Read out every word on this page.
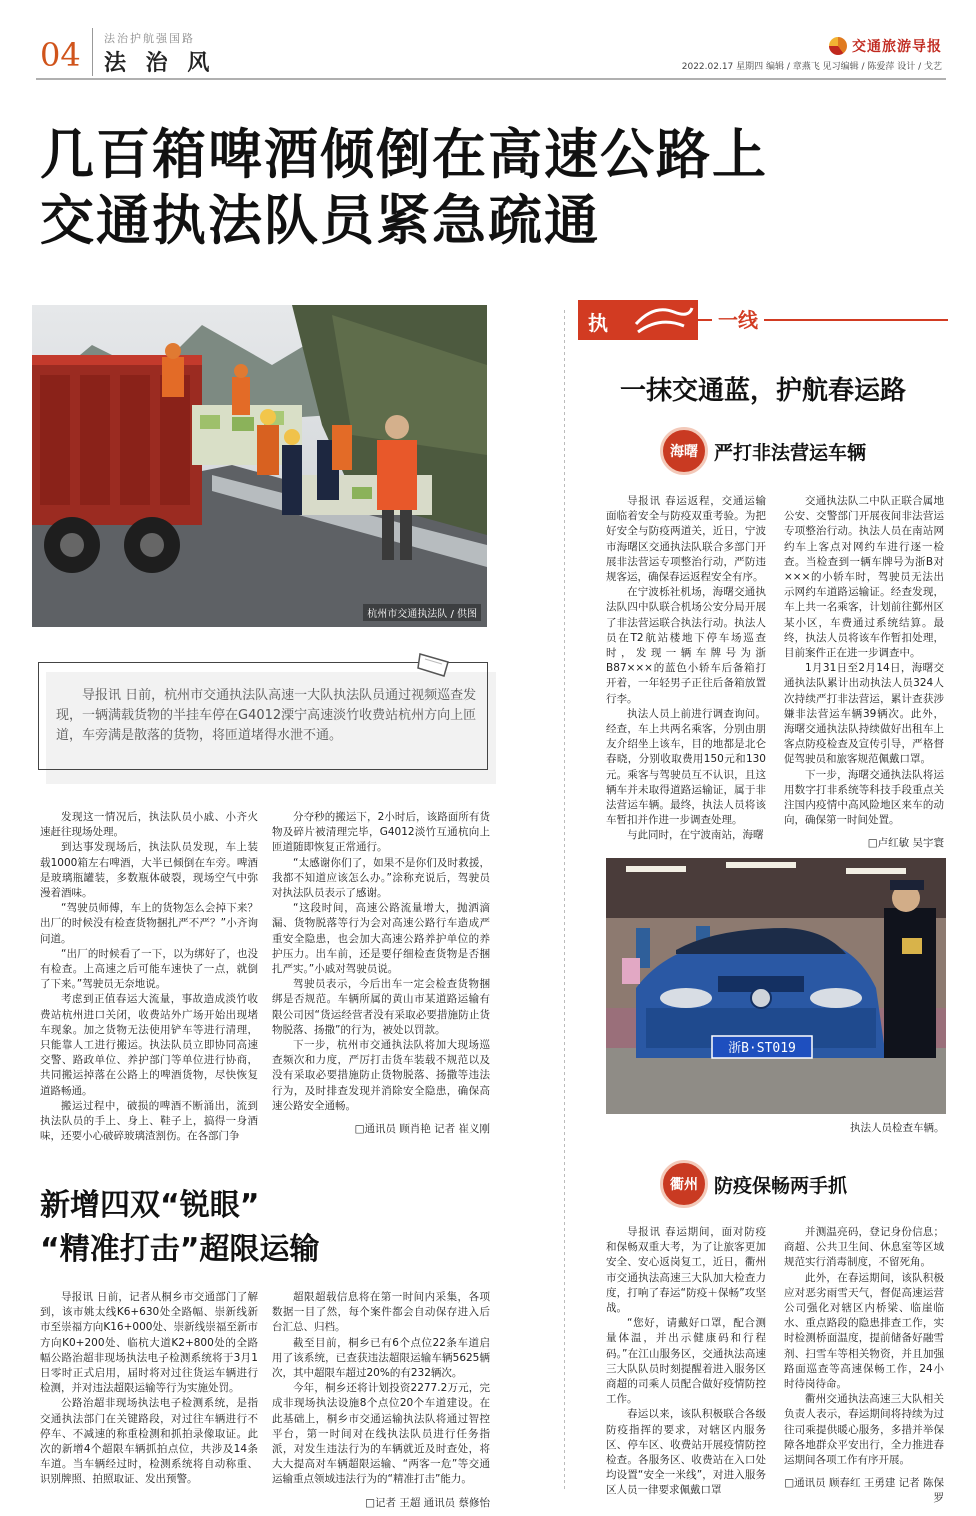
04 法治护航强国路
法 治 风
交通旅游导报
2022.02.17 星期四 编辑 / 章燕飞 见习编辑 / 陈爱萍 设计 / 戈艺
几百箱啤酒倾倒在高速公路上
交通执法队员紧急疏通
杭州市交通执法队 / 供图
导报讯 日前，杭州市交通执法队高速一大队执法队员通过视频巡查发现，一辆满载货物的半挂车停在G4012溧宁高速淡竹收费站杭州方向上匝道，车旁满是散落的货物，将匝道堵得水泄不通。

发现这一情况后，执法队员小戚、小齐火速赶往现场处理。

到达事发现场后，执法队员发现，车上装载1000箱左右啤酒，大半已倾倒在车旁。啤酒是玻璃瓶罐装，多数瓶体破裂，现场空气中弥漫着酒味。

“驾驶员师傅，车上的货物怎么会掉下来？出厂的时候没有检查货物捆扎严不严？”小齐询问道。

“出厂的时候看了一下，以为绑好了，也没有检查。上高速之后可能车速快了一点，就倒了下来。”驾驶员无奈地说。

考虑到正值春运大流量，事故造成淡竹收费站杭州进口关闭，收费站外广场开始出现堵车现象。加之货物无法使用铲车等进行清理，只能靠人工进行搬运。执法队员立即协同高速交警、路政单位、养护部门等单位进行协商，共同搬运掉落在公路上的啤酒货物，尽快恢复道路畅通。

搬运过程中，破损的啤酒不断涌出，流到执法队员的手上、身上、鞋子上，搞得一身酒味，还要小心破碎玻璃渣割伤。在各部门争

分夺秒的搬运下，2小时后，该路面所有货物及碎片被清理完毕，G4012淡竹互通杭向上匝道随即恢复正常通行。

“太感谢你们了，如果不是你们及时救援，我都不知道应该怎么办。”涂称充说后，驾驶员对执法队员表示了感谢。

“这段时间，高速公路流量增大，抛洒滴漏、货物脱落等行为会对高速公路行车造成严重安全隐患，也会加大高速公路养护单位的养护压力。出车前，还是要仔细检查货物是否捆扎严实。”小戚对驾驶员说。

驾驶员表示，今后出车一定会检查货物捆绑是否规范。车辆所属的黄山市某道路运输有限公司因“货运经营者没有采取必要措施防止货物脱落、扬撒”的行为，被处以罚款。

下一步，杭州市交通执法队将加大现场巡查频次和力度，严厉打击货车装载不规范以及没有采取必要措施防止货物脱落、扬撒等违法行为，及时排查发现并消除安全隐患，确保高速公路安全通畅。

□通讯员 顾肖艳 记者 崔义刚

新增四双“锐眼”
“精准打击”超限运输

导报讯 日前，记者从桐乡市交通部门了解到，该市姚太线K6+630处全路幅、崇新线新市至崇福方向K16+000处、崇新线崇福至新市方向K0+200处、临杭大道K2+800处的全路幅公路治超非现场执法电子检测系统将于3月1日零时正式启用，届时将对过往货运车辆进行检测，并对违法超限运输等行为实施处罚。

公路治超非现场执法电子检测系统，是指交通执法部门在关键路段，对过往车辆进行不停车、不减速的称重检测和抓拍录像取证。此次的新增4个超限车辆抓拍点位，共涉及14条车道。当车辆经过时，检测系统将自动称重、识别牌照、拍照取证、发出预警。

超限超载信息将在第一时间内采集，各项数据一目了然，每个案件都会自动保存进入后台汇总、归档。

截至目前，桐乡已有6个点位22条车道启用了该系统，已查获违法超限运输车辆5625辆次，其中超限车超过20%的有232辆次。

今年，桐乡还将计划投资2277.2万元，完成非现场执法设施8个点位20个车道建设。在此基础上，桐乡市交通运输执法队将通过智控平台，第一时间对在线执法队员进行任务指派，对发生违法行为的车辆就近及时查处，将大大提高对车辆超限运输、“两客一危”等交通运输重点领域违法行为的“精准打击”能力。

□记者 王超 通讯员 蔡修怡

执	一线
一抹交通蓝，护航春运路
海曙 严打非法营运车辆

导报讯 春运返程，交通运输面临着安全与防疫双重考验。为把好安全与防疫两道关，近日，宁波市海曙区交通执法队联合多部门开展非法营运专项整治行动，严防违规客运，确保春运返程安全有序。

在宁波栎社机场，海曙交通执法队四中队联合机场公安分局开展了非法营运联合执法行动。执法人员在T2航站楼地下停车场巡查时，发现一辆车牌号为浙B87×××的蓝色小轿车后备箱打开着，一年轻男子正往后备箱放置行李。

执法人员上前进行调查询问。经查，车上共两名乘客，分别由朋友介绍坐上该车，目的地都是北仑春晓，分别收取费用150元和130元。乘客与驾驶员互不认识，且这辆车并未取得道路运输证，属于非法营运车辆。最终，执法人员将该车暂扣并作进一步调查处理。

与此同时，在宁波南站，海曙

交通执法队二中队正联合属地公安、交警部门开展夜间非法营运专项整治行动。执法人员在南站网约车上客点对网约车进行逐一检查。当检查到一辆车牌号为浙B对×××的小轿车时，驾驶员无法出示网约车道路运输证。经查发现，车上共一名乘客，计划前往鄞州区某小区，车费通过系统结算。最终，执法人员将该车作暂扣处理，目前案件正在进一步调查中。

1月31日至2月14日，海曙交通执法队累计出动执法人员324人次持续严打非法营运，累计查获涉嫌非法营运车辆39辆次。此外，海曙交通执法队持续做好出租车上客点防疫检查及宣传引导，严格督促驾驶员和旅客规范佩戴口罩。

下一步，海曙交通执法队将运用数字打非系统等科技手段重点关注国内疫情中高风险地区来车的动向，确保第一时间处置。

□卢红敏 吴宇寰

浙B·ST019
执法人员检查车辆。
衢州 防疫保畅两手抓

导报讯 春运期间，面对防疫和保畅双重大考，为了让旅客更加安全、安心返岗复工，近日，衢州市交通执法高速三大队加大检查力度，打响了春运“防疫＋保畅”攻坚战。

“您好，请戴好口罩，配合测量体温，并出示健康码和行程码。”在江山服务区，交通执法高速三大队队员时刻提醒着进入服务区商超的司乘人员配合做好疫情防控工作。

春运以来，该队积极联合各级防疫指挥的要求，对辖区内服务区、停车区、收费站开展疫情防控检查。各服务区、收费站在入口处均设置“安全一米线”，对进入服务区人员一律要求佩戴口罩

并测温亮码，登记身份信息；商超、公共卫生间、休息室等区域规范实行消毒制度，不留死角。

此外，在春运期间，该队积极应对恶劣雨雪天气，督促高速运营公司强化对辖区内桥梁、临崖临水、重点路段的隐患排查工作，实时检测桥面温度，提前储备好融雪剂、扫雪车等相关物资，并且加强路面巡查等高速保畅工作，24小时待岗待命。

衢州交通执法高速三大队相关负责人表示，春运期间将持续为过往司乘提供暖心服务，多措并举保障各地群众平安出行，全力推进春运期间各项工作有序开展。

□通讯员 顾春红 王勇建 记者 陈保罗
